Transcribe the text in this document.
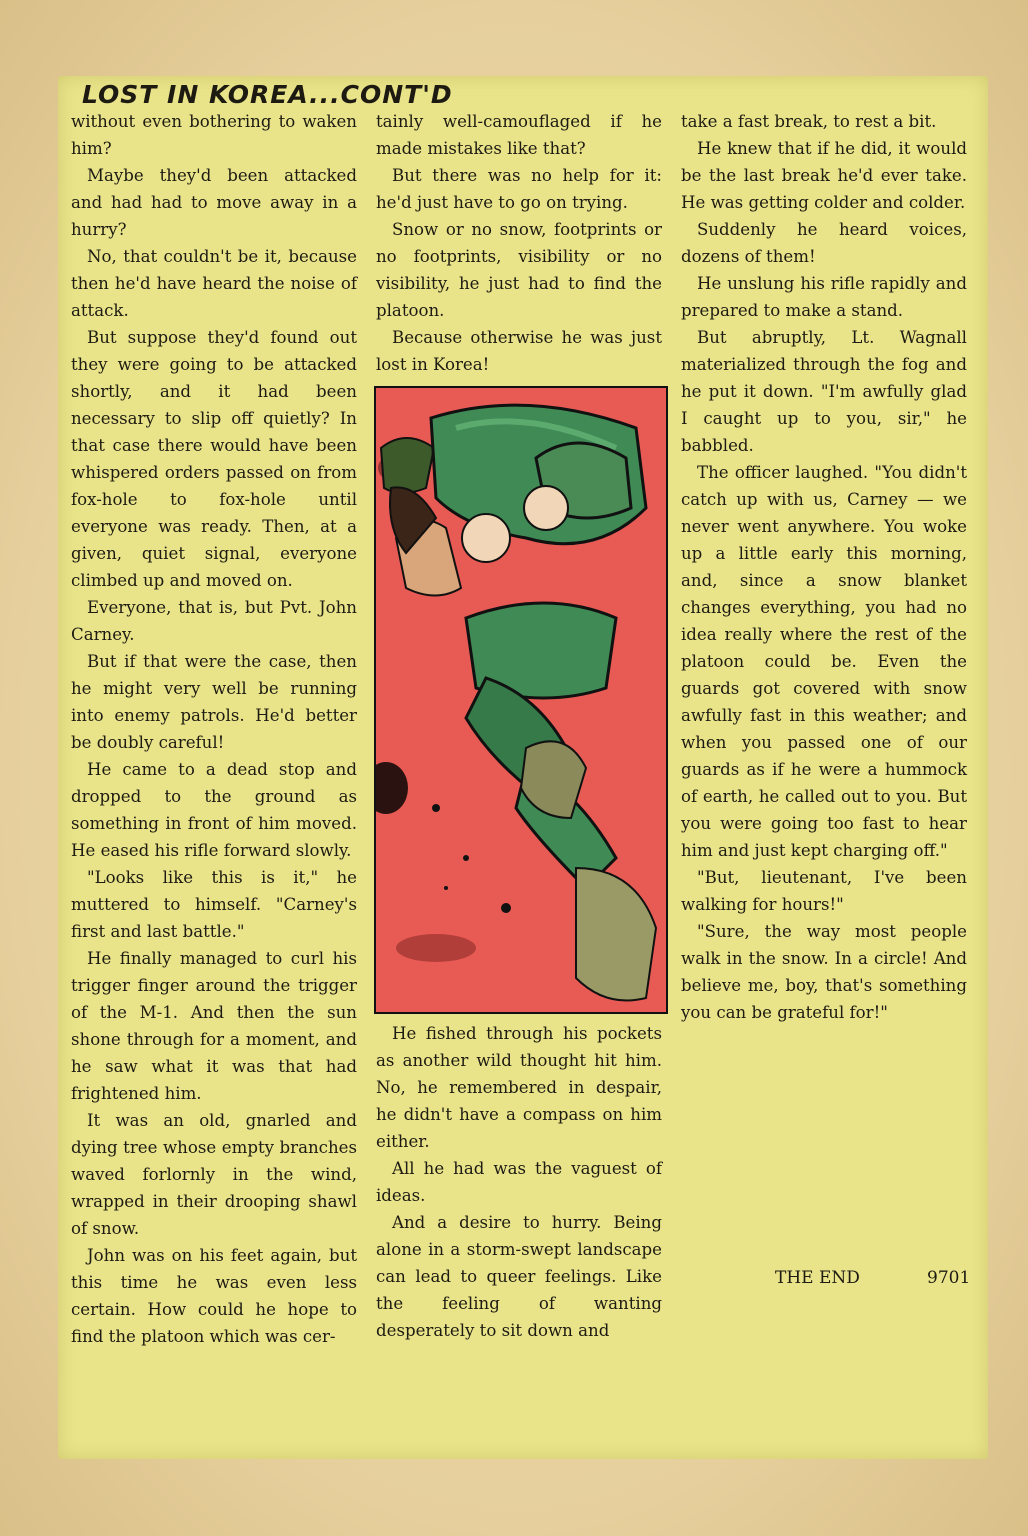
LOST IN KOREA...CONT'D

without even bothering to waken him?

Maybe they'd been attacked and had had to move away in a hurry?

No, that couldn't be it, because then he'd have heard the noise of attack.

But suppose they'd found out they were going to be attacked shortly, and it had been necessary to slip off quietly? In that case there would have been whispered orders passed on from fox-hole to fox-hole until everyone was ready. Then, at a given, quiet signal, everyone climbed up and moved on.

Everyone, that is, but Pvt. John Carney.

But if that were the case, then he might very well be running into enemy patrols. He'd better be doubly careful!

He came to a dead stop and dropped to the ground as something in front of him moved. He eased his rifle forward slowly.

"Looks like this is it," he muttered to himself. "Carney's first and last battle."

He finally managed to curl his trigger finger around the trigger of the M-1. And then the sun shone through for a moment, and he saw what it was that had frightened him.

It was an old, gnarled and dying tree whose empty branches waved forlornly in the wind, wrapped in their drooping shawl of snow.

John was on his feet again, but this time he was even less certain. How could he hope to find the platoon which was cer-

tainly well-camouflaged if he made mistakes like that?

But there was no help for it: he'd just have to go on trying.

Snow or no snow, footprints or no footprints, visibility or no visibility, he just had to find the platoon.

Because otherwise he was just lost in Korea!

He fished through his pockets as another wild thought hit him. No, he remembered in despair, he didn't have a compass on him either.

All he had was the vaguest of ideas.

And a desire to hurry. Being alone in a storm-swept landscape can lead to queer feelings. Like the feeling of wanting desperately to sit down and

take a fast break, to rest a bit.

He knew that if he did, it would be the last break he'd ever take. He was getting colder and colder.

Suddenly he heard voices, dozens of them!

He unslung his rifle rapidly and prepared to make a stand.

But abruptly, Lt. Wagnall materialized through the fog and he put it down. "I'm awfully glad I caught up to you, sir," he babbled.

The officer laughed. "You didn't catch up with us, Carney — we never went anywhere. You woke up a little early this morning, and, since a snow blanket changes everything, you had no idea really where the rest of the platoon could be. Even the guards got covered with snow awfully fast in this weather; and when you passed one of our guards as if he were a hummock of earth, he called out to you. But you were going too fast to hear him and just kept charging off."

"But, lieutenant, I've been walking for hours!"

"Sure, the way most people walk in the snow. In a circle! And believe me, boy, that's something you can be grateful for!"

THE END	9701
